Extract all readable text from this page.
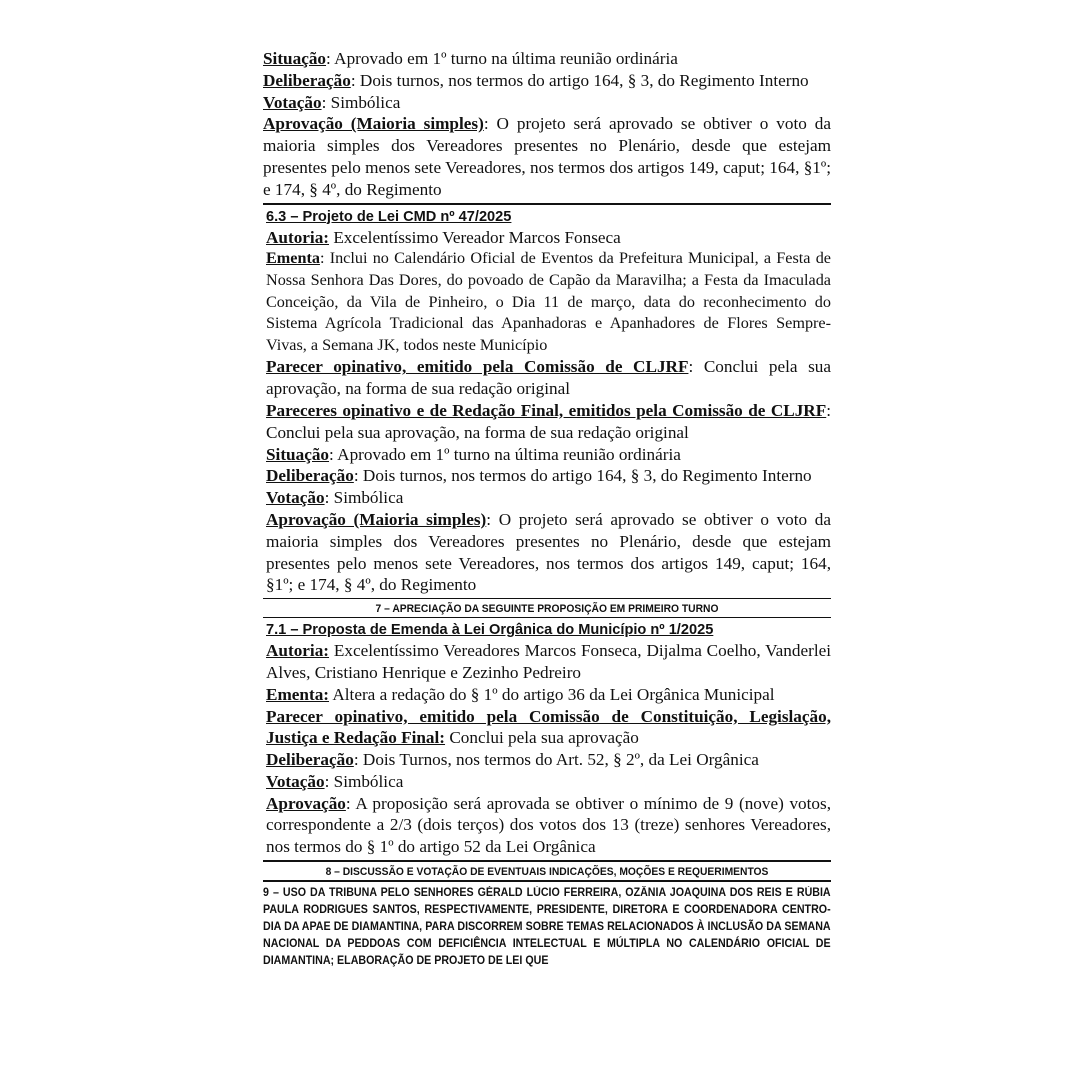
Situação: Aprovado em 1º turno na última reunião ordinária

Deliberação: Dois turnos, nos termos do artigo 164, § 3, do Regimento Interno

Votação: Simbólica

Aprovação (Maioria simples): O projeto será aprovado se obtiver o voto da maioria simples dos Vereadores presentes no Plenário, desde que estejam presentes pelo menos sete Vereadores, nos termos dos artigos 149, caput; 164, §1º; e 174, § 4º, do Regimento

6.3 – Projeto de Lei CMD nº 47/2025

Autoria: Excelentíssimo Vereador Marcos Fonseca

Ementa: Inclui no Calendário Oficial de Eventos da Prefeitura Municipal, a Festa de Nossa Senhora Das Dores, do povoado de Capão da Maravilha; a Festa da Imaculada Conceição, da Vila de Pinheiro, o Dia 11 de março, data do reconhecimento do Sistema Agrícola Tradicional das Apanhadoras e Apanhadores de Flores Sempre-Vivas, a Semana JK, todos neste Município

Parecer opinativo, emitido pela Comissão de CLJRF: Conclui pela sua aprovação, na forma de sua redação original

Pareceres opinativo e de Redação Final, emitidos pela Comissão de CLJRF: Conclui pela sua aprovação, na forma de sua redação original

Situação: Aprovado em 1º turno na última reunião ordinária

Deliberação: Dois turnos, nos termos do artigo 164, § 3, do Regimento Interno

Votação: Simbólica

Aprovação (Maioria simples): O projeto será aprovado se obtiver o voto da maioria simples dos Vereadores presentes no Plenário, desde que estejam presentes pelo menos sete Vereadores, nos termos dos artigos 149, caput; 164, §1º; e 174, § 4º, do Regimento

7 – APRECIAÇÃO DA SEGUINTE PROPOSIÇÃO EM PRIMEIRO TURNO

7.1 – Proposta de Emenda à Lei Orgânica do Município nº 1/2025

Autoria: Excelentíssimo Vereadores Marcos Fonseca, Dijalma Coelho, Vanderlei Alves, Cristiano Henrique e Zezinho Pedreiro

Ementa: Altera a redação do § 1º do artigo 36 da Lei Orgânica Municipal

Parecer opinativo, emitido pela Comissão de Constituição, Legislação, Justiça e Redação Final: Conclui pela sua aprovação

Deliberação: Dois Turnos, nos termos do Art. 52, § 2º, da Lei Orgânica

Votação: Simbólica

Aprovação: A proposição será aprovada se obtiver o mínimo de 9 (nove) votos, correspondente a 2/3 (dois terços) dos votos dos 13 (treze) senhores Vereadores, nos termos do § 1º do artigo 52 da Lei Orgânica

8 – DISCUSSÃO E VOTAÇÃO DE EVENTUAIS INDICAÇÕES, MOÇÕES E REQUERIMENTOS

9 – USO DA TRIBUNA PELO SENHORES GÉRALD LÚCIO FERREIRA, OZÂNIA JOAQUINA DOS REIS E RÚBIA PAULA RODRIGUES SANTOS, RESPECTIVAMENTE, PRESIDENTE, DIRETORA E COORDENADORA CENTRO-DIA DA APAE DE DIAMANTINA, PARA DISCORREM SOBRE TEMAS RELACIONADOS À INCLUSÃO DA SEMANA NACIONAL DA PEDDOAS COM DEFICIÊNCIA INTELECTUAL E MÚLTIPLA NO CALENDÁRIO OFICIAL DE DIAMANTINA; ELABORAÇÃO DE PROJETO DE LEI QUE
